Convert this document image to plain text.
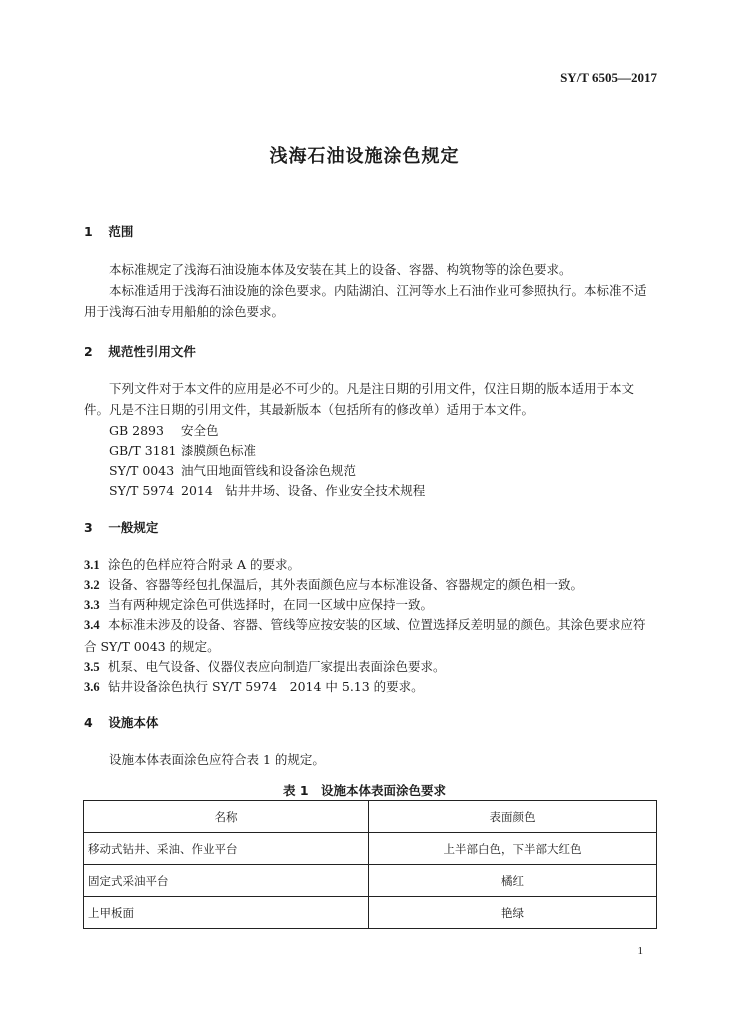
SY/T 6505—2017
浅海石油设施涂色规定
1 范围
本标准规定了浅海石油设施本体及安装在其上的设备、容器、构筑物等的涂色要求。
本标准适用于浅海石油设施的涂色要求。内陆湖泊、江河等水上石油作业可参照执行。本标准不适用于浅海石油专用船舶的涂色要求。
2 规范性引用文件
下列文件对于本文件的应用是必不可少的。凡是注日期的引用文件，仅注日期的版本适用于本文件。凡是不注日期的引用文件，其最新版本（包括所有的修改单）适用于本文件。
GB 2893 安全色
GB/T 3181 漆膜颜色标准
SY/T 0043 油气田地面管线和设备涂色规范
SY/T 5974 2014　钻井井场、设备、作业安全技术规程
3 一般规定
3.1 涂色的色样应符合附录 A 的要求。
3.2 设备、容器等经包扎保温后，其外表面颜色应与本标准设备、容器规定的颜色相一致。
3.3 当有两种规定涂色可供选择时，在同一区域中应保持一致。
3.4 本标准未涉及的设备、容器、管线等应按安装的区域、位置选择反差明显的颜色。其涂色要求应符合 SY/T 0043 的规定。
3.5 机泵、电气设备、仪器仪表应向制造厂家提出表面涂色要求。
3.6 钻井设备涂色执行 SY/T 5974　2014 中 5.13 的要求。
4 设施本体
设施本体表面涂色应符合表 1 的规定。
表 1　设施本体表面涂色要求
名称	表面颜色
移动式钻井、采油、作业平台	上半部白色，下半部大红色
固定式采油平台	橘红
上甲板面	艳绿
1
